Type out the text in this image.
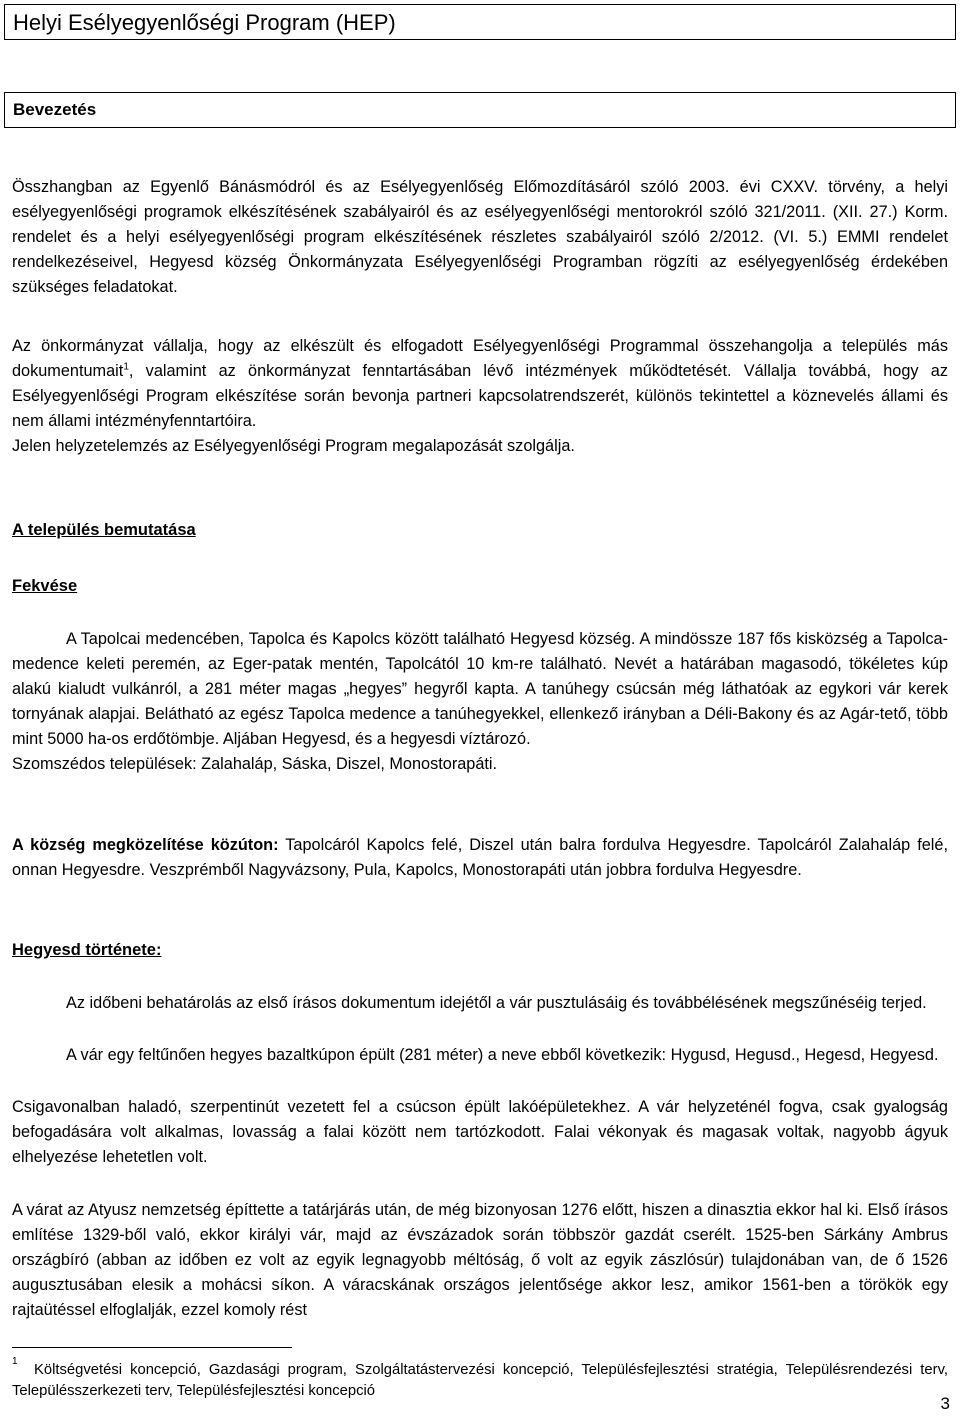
Helyi Esélyegyenlőségi Program (HEP)
Bevezetés

Összhangban az Egyenlő Bánásmódról és az Esélyegyenlőség Előmozdításáról szóló 2003. évi CXXV. törvény, a helyi esélyegyenlőségi programok elkészítésének szabályairól és az esélyegyenlőségi mentorokról szóló 321/2011. (XII. 27.) Korm. rendelet és a helyi esélyegyenlőségi program elkészítésének részletes szabályairól szóló 2/2012. (VI. 5.) EMMI rendelet rendelkezéseivel, Hegyesd község Önkormányzata Esélyegyenlőségi Programban rögzíti az esélyegyenlőség érdekében szükséges feladatokat.

Az önkormányzat vállalja, hogy az elkészült és elfogadott Esélyegyenlőségi Programmal összehangolja a település más dokumentumait$^1$, valamint az önkormányzat fenntartásában lévő intézmények működtetését. Vállalja továbbá, hogy az Esélyegyenlőségi Program elkészítése során bevonja partneri kapcsolatrendszerét, különös tekintettel a köznevelés állami és nem állami intézményfenntartóira.
Jelen helyzetelemzés az Esélyegyenlőségi Program megalapozását szolgálja.

A település bemutatása

Fekvése

A Tapolcai medencében, Tapolca és Kapolcs között található Hegyesd község. A mindössze 187 fős kisközség a Tapolca-medence keleti peremén, az Eger-patak mentén, Tapolcától 10 km-re található. Nevét a határában magasodó, tökéletes kúp alakú kialudt vulkánról, a 281 méter magas „hegyes” hegyről kapta. A tanúhegy csúcsán még láthatóak az egykori vár kerek tornyának alapjai. Belátható az egész Tapolca medence a tanúhegyekkel, ellenkező irányban a Déli-Bakony és az Agár-tető, több mint 5000 ha-os erdőtömbje. Aljában Hegyesd, és a hegyesdi víztározó.
Szomszédos települések: Zalahaláp, Sáska, Diszel, Monostorapáti.

A község megközelítése közúton: Tapolcáról Kapolcs felé, Diszel után balra fordulva Hegyesdre. Tapolcáról Zalahaláp felé, onnan Hegyesdre. Veszprémből Nagyvázsony, Pula, Kapolcs, Monostorapáti után jobbra fordulva Hegyesdre.

Hegyesd története:

Az időbeni behatárolás az első írásos dokumentum idejétől a vár pusztulásáig és továbbélésének megszűnéséig terjed.

A vár egy feltűnően hegyes bazaltkúpon épült (281 méter) a neve ebből következik: Hygusd, Hegusd., Hegesd, Hegyesd.

Csigavonalban haladó, szerpentinút vezetett fel a csúcson épült lakóépületekhez. A vár helyzeténél fogva, csak gyalogság befogadására volt alkalmas, lovasság a falai között nem tartózkodott. Falai vékonyak és magasak voltak, nagyobb ágyuk elhelyezése lehetetlen volt.

A várat az Atyusz nemzetség építtette a tatárjárás után, de még bizonyosan 1276 előtt, hiszen a dinasztia ekkor hal ki. Első írásos említése 1329-ből való, ekkor királyi vár, majd az évszázadok során többször gazdát cserélt. 1525-ben Sárkány Ambrus országbíró (abban az időben ez volt az egyik legnagyobb méltóság, ő volt az egyik zászlósúr) tulajdonában van, de ő 1526 augusztusában elesik a mohácsi síkon. A váracskának országos jelentősége akkor lesz, amikor 1561-ben a törökök egy rajtaütéssel elfoglalják, ezzel komoly rést

1

Költségvetési koncepció, Gazdasági program, Szolgáltatástervezési koncepció, Településfejlesztési stratégia, Településrendezési terv, Településszerkezeti terv, Településfejlesztési koncepció

3
